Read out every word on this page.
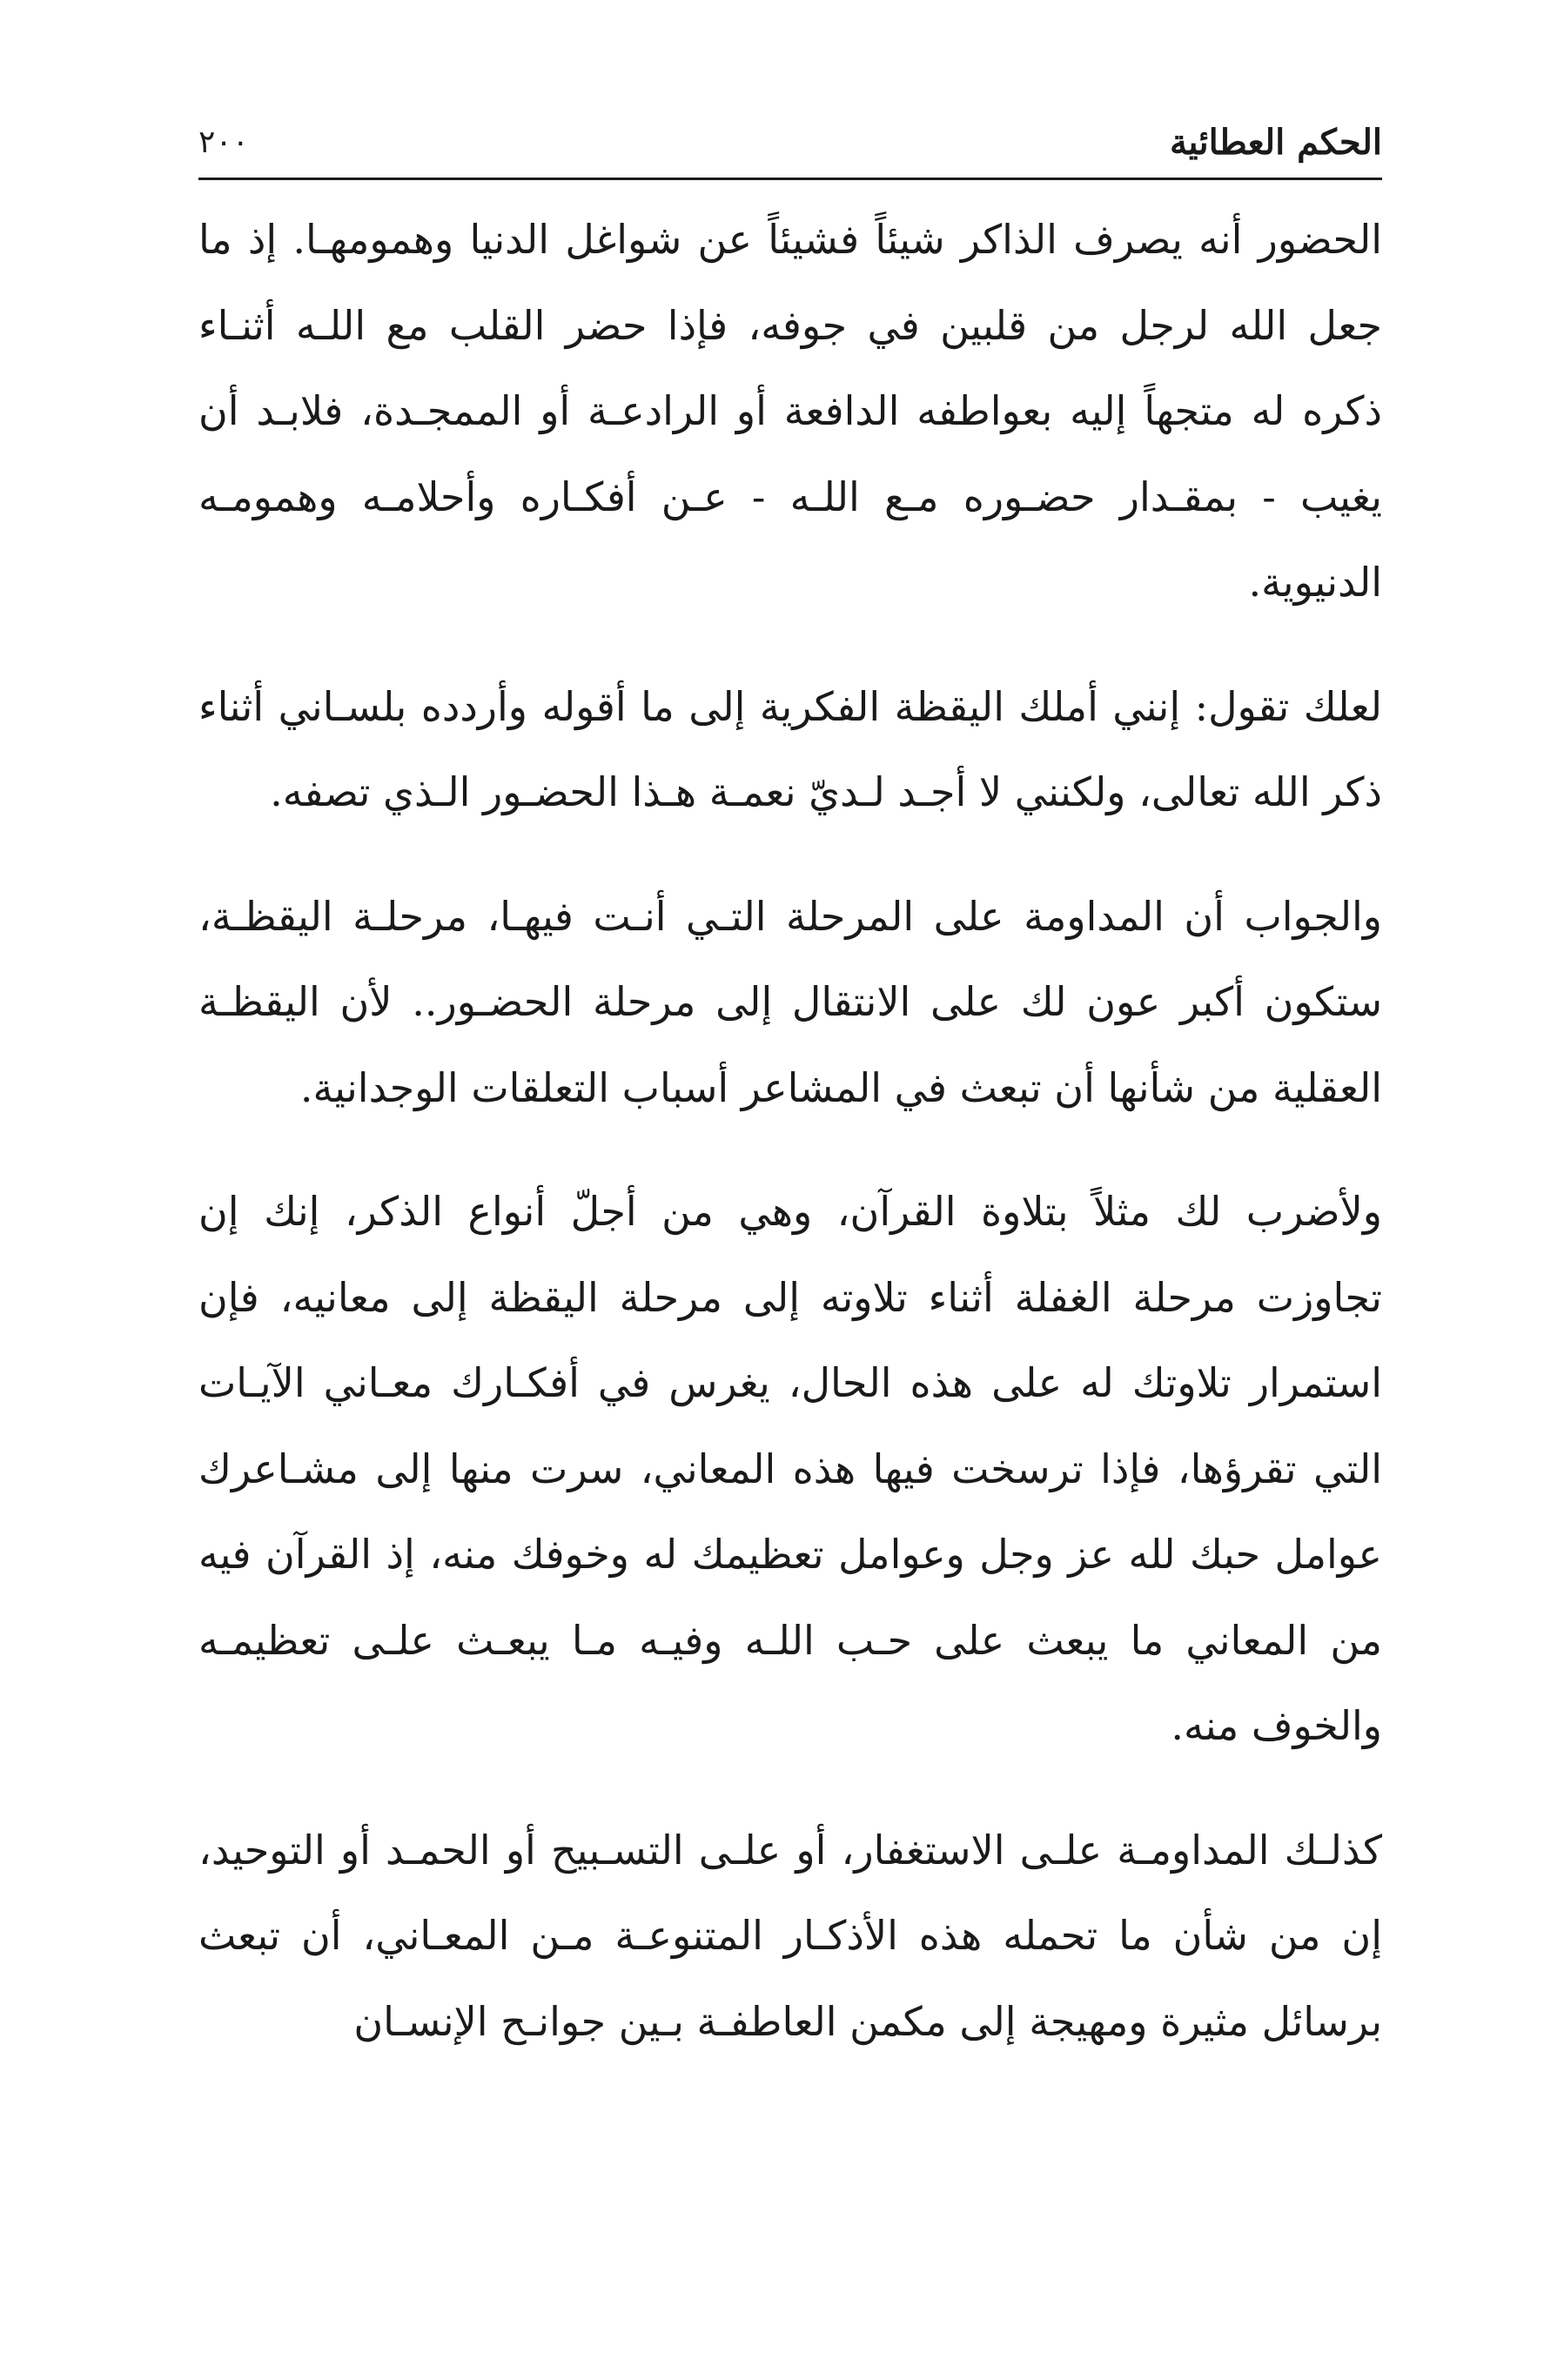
الحكم العطائية
٢٠٠

الحضور أنه يصرف الذاكر شيئاً فشيئاً عن شواغل الدنيا وهمومهـا. إذ ما جعل الله لرجل من قلبين في جوفه، فإذا حضر القلب مع اللـه أثنـاء ذكره له متجهاً إليه بعواطفه الدافعة أو الرادعـة أو الممجـدة، فلابـد أن يغيب - بمقـدار حضـوره مـع اللـه - عـن أفكـاره وأحلامـه وهمومـه الدنيوية.

لعلك تقول: إنني أملك اليقظة الفكرية إلى ما أقوله وأردده بلسـاني أثناء ذكر الله تعالى، ولكنني لا أجـد لـديّ نعمـة هـذا الحضـور الـذي تصفه.

والجواب أن المداومة على المرحلة التـي أنـت فيهـا، مرحلـة اليقظـة، ستكون أكبر عون لك على الانتقال إلى مرحلة الحضـور.. لأن اليقظـة العقلية من شأنها أن تبعث في المشاعر أسباب التعلقات الوجدانية.

ولأضرب لك مثلاً بتلاوة القرآن، وهي من أجلّ أنواع الذكر، إنك إن تجاوزت مرحلة الغفلة أثناء تلاوته إلى مرحلة اليقظة إلى معانيه، فإن استمرار تلاوتك له على هذه الحال، يغرس في أفكـارك معـاني الآيـات التي تقرؤها، فإذا ترسخت فيها هذه المعاني، سرت منها إلى مشـاعرك عوامل حبك لله عز وجل وعوامل تعظيمك له وخوفك منه، إذ القرآن فيه من المعاني ما يبعث على حـب اللـه وفيـه مـا يبعـث علـى تعظيمـه والخوف منه.

كذلـك المداومـة علـى الاستغفار، أو علـى التسـبيح أو الحمـد أو التوحيد، إن من شأن ما تحمله هذه الأذكـار المتنوعـة مـن المعـاني، أن تبعث برسائل مثيرة ومهيجة إلى مكمن العاطفـة بـين جوانـح الإنسـان
